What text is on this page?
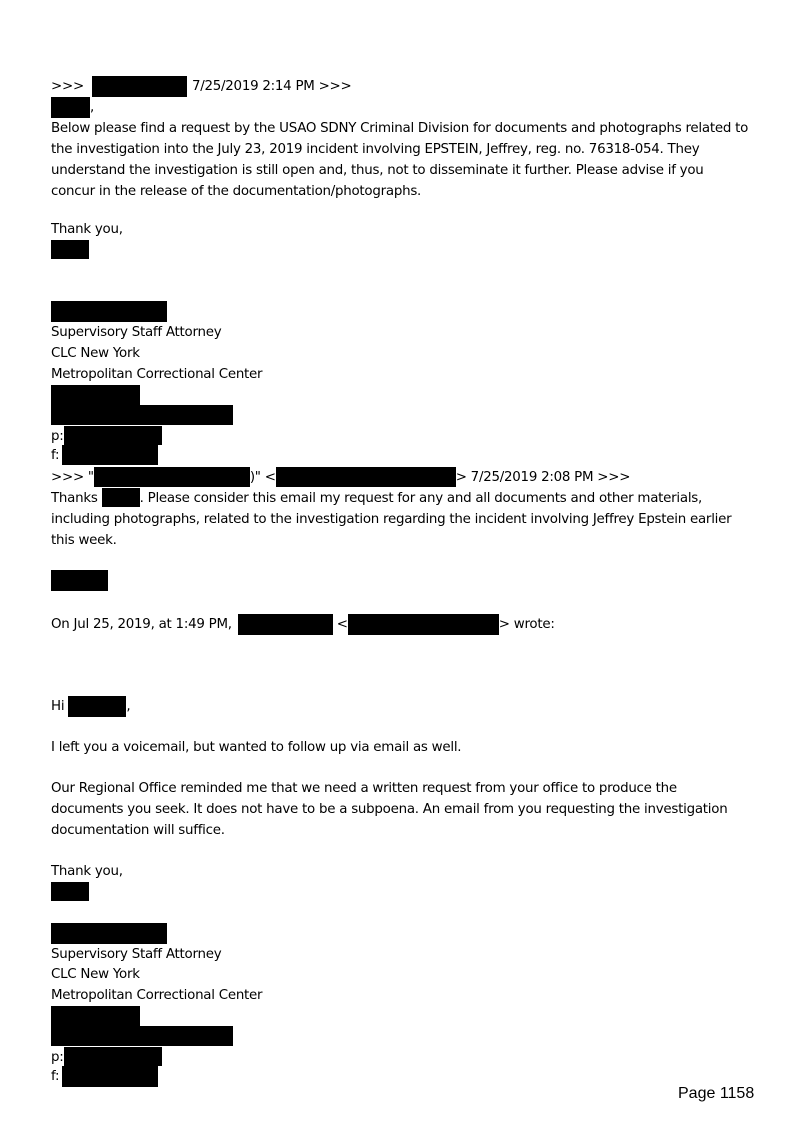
>>>	7/25/2019 2:14 PM >>>
,
Below please find a request by the USAO SDNY Criminal Division for documents and photographs related to the investigation into the July 23, 2019 incident involving EPSTEIN, Jeffrey, reg. no. 76318-054. They understand the investigation is still open and, thus, not to disseminate it further. Please advise if you concur in the release of the documentation/photographs.
Thank you,
Supervisory Staff Attorney
CLC New York
Metropolitan Correctional Center
p:
f:
>>> "	)" <	> 7/25/2019 2:08 PM >>>
Thanks	. Please consider this email my request for any and all documents and other materials, including photographs, related to the investigation regarding the incident involving Jeffrey Epstein earlier this week.
On Jul 25, 2019, at 1:49 PM,	<	> wrote:
Hi	,
I left you a voicemail, but wanted to follow up via email as well.
Our Regional Office reminded me that we need a written request from your office to produce the documents you seek. It does not have to be a subpoena. An email from you requesting the investigation documentation will suffice.
Thank you,
Supervisory Staff Attorney
CLC New York
Metropolitan Correctional Center
p:
f:
Page 1158
